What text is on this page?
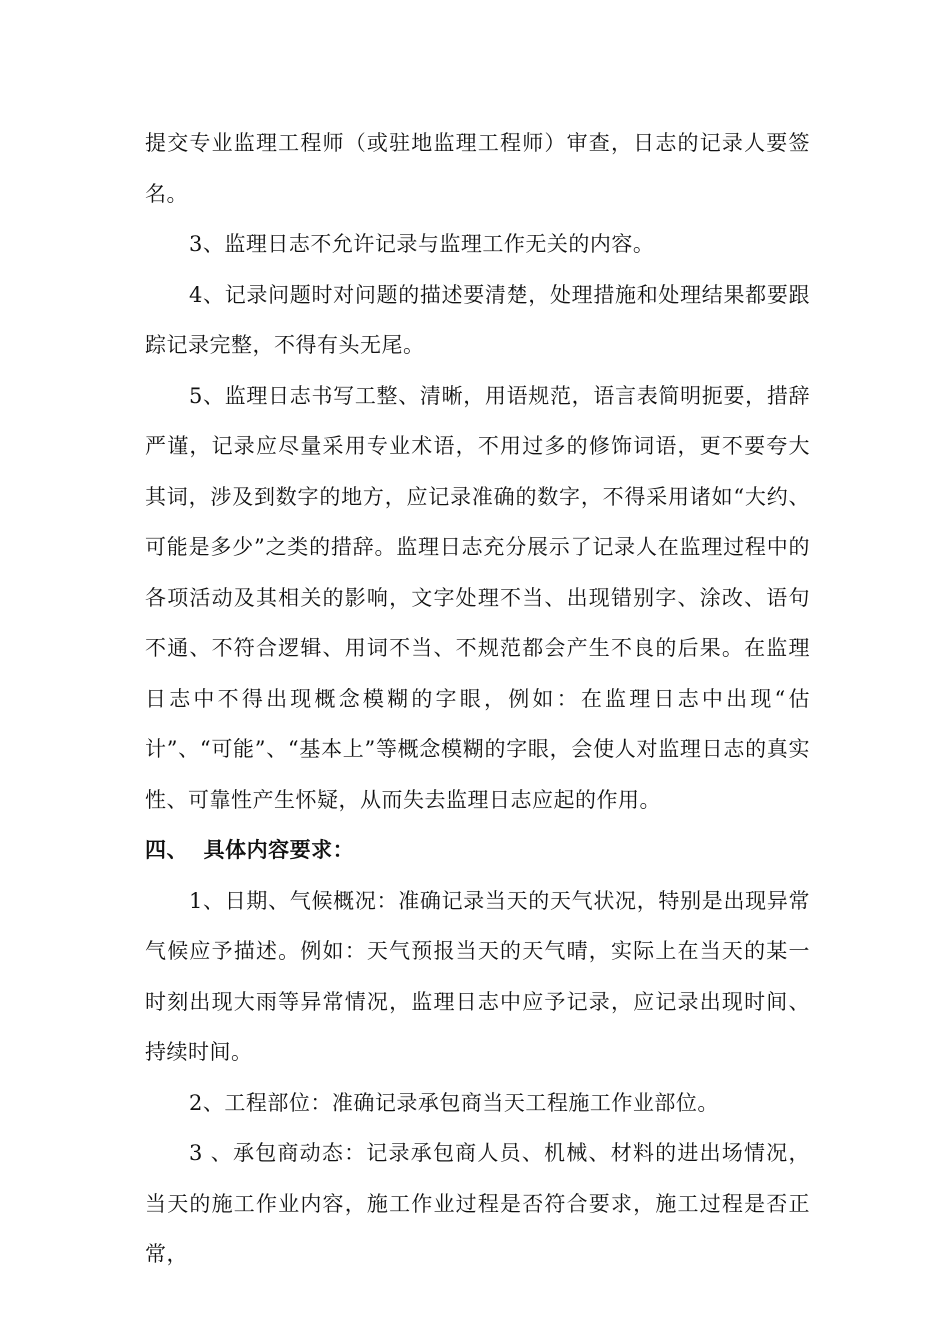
提交专业监理工程师（或驻地监理工程师）审查，日志的记录人要签名。

3、监理日志不允许记录与监理工作无关的内容。

4、记录问题时对问题的描述要清楚，处理措施和处理结果都要跟踪记录完整，不得有头无尾。

5、监理日志书写工整、清晰，用语规范，语言表简明扼要，措辞严谨，记录应尽量采用专业术语，不用过多的修饰词语，更不要夸大其词，涉及到数字的地方，应记录准确的数字，不得采用诸如“大约、可能是多少”之类的措辞。监理日志充分展示了记录人在监理过程中的各项活动及其相关的影响，文字处理不当、出现错别字、涂改、语句不通、不符合逻辑、用词不当、不规范都会产生不良的后果。在监理日志中不得出现概念模糊的字眼，例如：在监理日志中出现“估计”、“可能”、“基本上”等概念模糊的字眼，会使人对监理日志的真实性、可靠性产生怀疑，从而失去监理日志应起的作用。

四、  具体内容要求：

1、日期、气候概况：准确记录当天的天气状况，特别是出现异常气候应予描述。例如：天气预报当天的天气晴，实际上在当天的某一时刻出现大雨等异常情况，监理日志中应予记录，应记录出现时间、持续时间。

2、工程部位：准确记录承包商当天工程施工作业部位。

3 、承包商动态：记录承包商人员、机械、材料的进出场情况，当天的施工作业内容，施工作业过程是否符合要求，施工过程是否正常，
